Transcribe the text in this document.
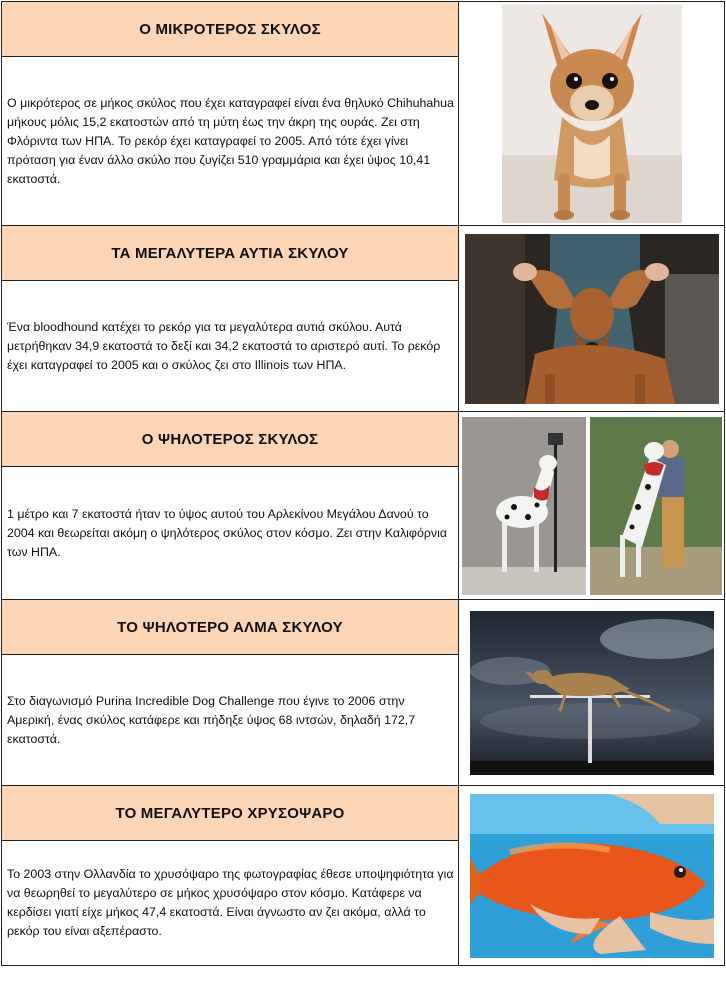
Ο ΜΙΚΡΟΤΕΡΟΣ ΣΚΥΛΟΣ	

Ο μικρότερος σε μήκος σκύλος που έχει καταγραφεί είναι ένα θηλυκό Chihuhahua μήκους μόλις 15,2 εκατοστών από τη μύτη έως την άκρη της ουράς. Ζει στη Φλόριντα των ΗΠΑ. Το ρεκόρ έχει καταγραφεί το 2005. Από τότε έχει γίνει πρόταση για έναν άλλο σκύλο που ζυγίζει 510 γραμμάρια και έχει ύψος 10,41 εκατοστά.	
ΤΑ ΜΕΓΑΛΥΤΕΡΑ ΑΥΤΙΑ ΣΚΥΛΟΥ	

Ένα bloodhound κατέχει το ρεκόρ για τα μεγαλύτερα αυτιά σκύλου. Αυτά μετρήθηκαν 34,9 εκατοστά το δεξί και 34,2 εκατοστά το αριστερό αυτί. Το ρεκόρ έχει καταγραφεί το 2005 και ο σκύλος ζει στο Illinois των ΗΠΑ.	
Ο ΨΗΛΟΤΕΡΟΣ ΣΚΥΛΟΣ	

1 μέτρο και 7 εκατοστά ήταν το ύψος αυτού του Αρλεκίνου Μεγάλου Δανού το 2004 και θεωρείται ακόμη ο ψηλότερος σκύλος στον κόσμο. Ζει στην Καλιφόρνια των ΗΠΑ.	
ΤΟ ΨΗΛΟΤΕΡΟ ΑΛΜΑ ΣΚΥΛΟΥ	

Στο διαγωνισμό Purina Incredible Dog Challenge που έγινε το 2006 στην Αμερική, ένας σκύλος κατάφερε και πήδηξε ύψος 68 ιντσών, δηλαδή 172,7 εκατοστά.	
ΤΟ ΜΕΓΑΛΥΤΕΡΟ ΧΡΥΣΟΨΑΡΟ	

Το 2003 στην Ολλανδία το χρυσόψαρο της φωτογραφίας έθεσε υποψηφιότητα για να θεωρηθεί το μεγαλύτερο σε μήκος χρυσόψαρο στον κόσμο. Κατάφερε να κερδίσει γιατί είχε μήκος 47,4 εκατοστά. Είναι άγνωστο αν ζει ακόμα, αλλά το ρεκόρ του είναι αξεπέραστο.	
